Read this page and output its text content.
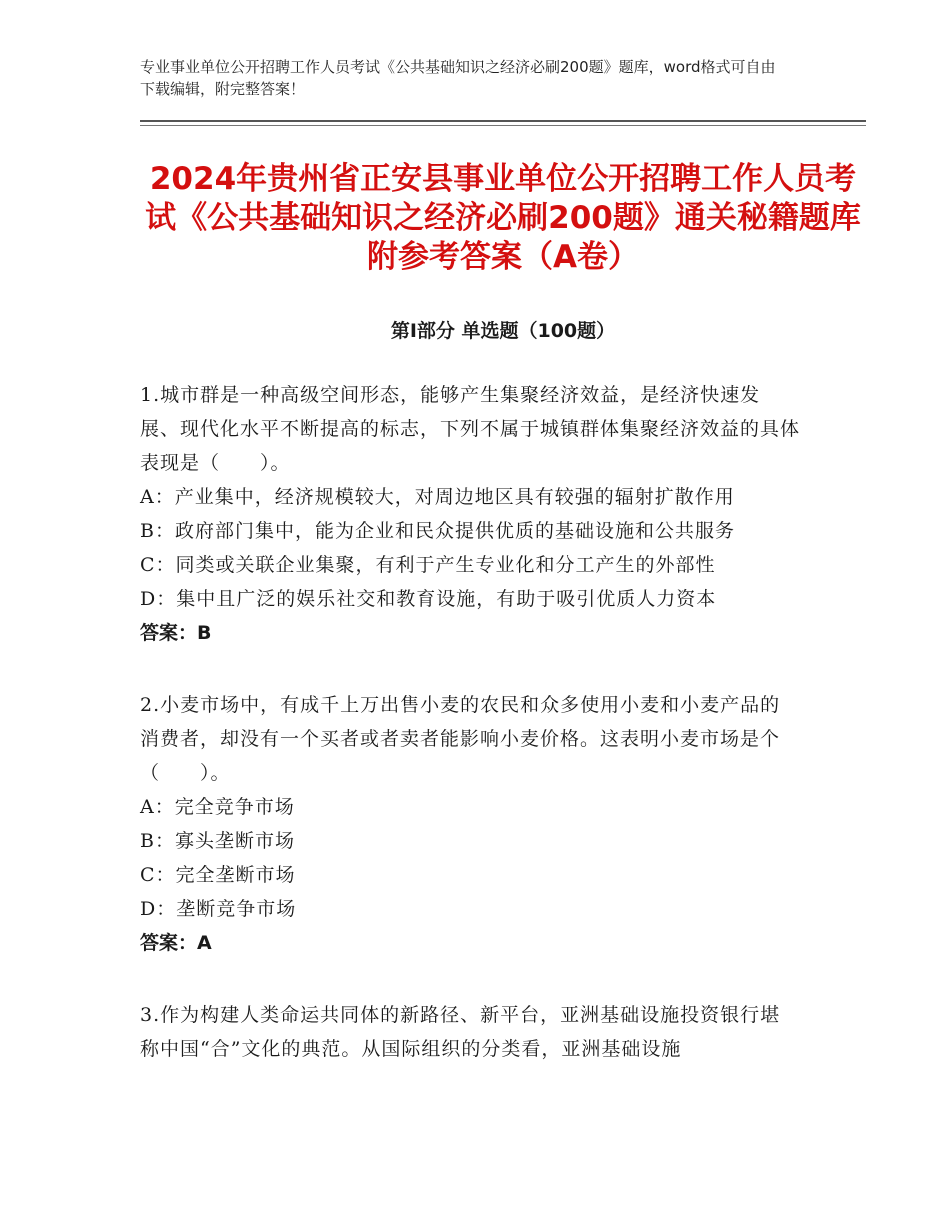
专业事业单位公开招聘工作人员考试《公共基础知识之经济必刷200题》题库，word格式可自由下载编辑，附完整答案！
2024年贵州省正安县事业单位公开招聘工作人员考试《公共基础知识之经济必刷200题》通关秘籍题库附参考答案（A卷）
第Ⅰ部分 单选题（100题）

1.城市群是一种高级空间形态，能够产生集聚经济效益，是经济快速发展、现代化水平不断提高的标志，下列不属于城镇群体集聚经济效益的具体表现是（　　）。

A：产业集中，经济规模较大，对周边地区具有较强的辐射扩散作用

B：政府部门集中，能为企业和民众提供优质的基础设施和公共服务

C：同类或关联企业集聚，有利于产生专业化和分工产生的外部性

D：集中且广泛的娱乐社交和教育设施，有助于吸引优质人力资本

答案：B

2.小麦市场中，有成千上万出售小麦的农民和众多使用小麦和小麦产品的消费者，却没有一个买者或者卖者能影响小麦价格。这表明小麦市场是个（　　）。

A：完全竞争市场

B：寡头垄断市场

C：完全垄断市场

D：垄断竞争市场

答案：A

3.作为构建人类命运共同体的新路径、新平台，亚洲基础设施投资银行堪称中国“合”文化的典范。从国际组织的分类看，亚洲基础设施
